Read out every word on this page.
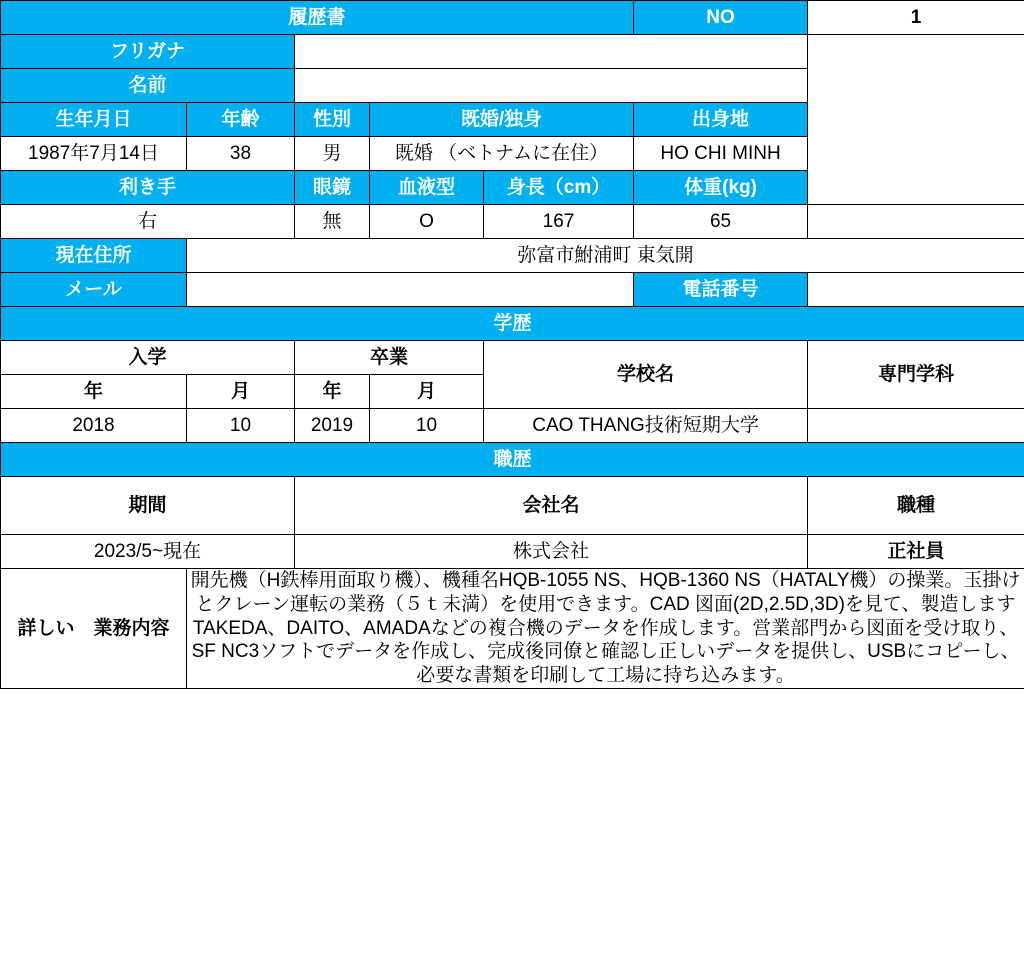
履歴書					NO	1
フリガナ						
名前						
生年月日	年齢	性別	既婚/独身		出身地	
1987年7月14日	38	男	既婚 （ベトナムに在住）		HO CHI MINH	
利き手		眼鏡	血液型	身長（cm）	体重(kg)	
右		無	O	167	65	
現在住所	弥富市鮒浦町 東気開					
メール					電話番号	
学歴						
入学		卒業		学校名		専門学科
年	月	年	月			
2018	10	2019	10	CAO THANG技術短期大学		
職歴						
期間		会社名				職種
2023/5~現在		株式会社				正社員
詳しい　業務内容	開先機（H鉄棒用面取り機）、機種名HQB-1055 NS、HQB-1360 NS（HATALY機）の操業。玉掛けとクレーン運転の業務（５ｔ未満）を使用できます。CAD 図面(2D,2.5D,3D)を見て、製造しますTAKEDA、DAITO、AMADAなどの複合機のデータを作成します。営業部門から図面を受け取り、SF NC3ソフトでデータを作成し、完成後同僚と確認し正しいデータを提供し、USBにコピーし、必要な書類を印刷して工場に持ち込みます。					
